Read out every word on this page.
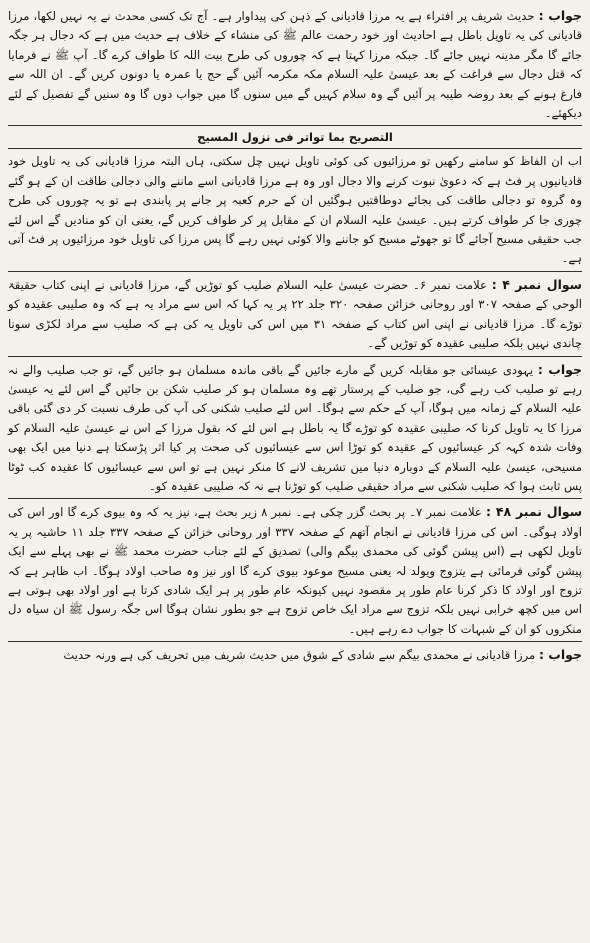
جواب : حدیث شریف پر افتراء ہے یہ مرزا قادیانی کے ذہن کی پیداوار ہے۔ آج تک کسی محدث نے یہ نہیں لکھا، مرزا قادیانی کی یہ تاویل باطل ہے احادیث اور خود رحمت عالم ﷺ کی منشاء کے خلاف ہے حدیث میں ہے کہ دجال ہر جگہ جائے گا مگر مدینہ نہیں جائے گا۔ جبکہ مرزا کہتا ہے کہ چوروں کی طرح بیت اللہ کا طواف کرے گا۔ آپ ﷺ نے فرمایا کہ قتل دجال سے فراغت کے بعد عیسیٰ علیہ السلام مکہ مکرمہ آئیں گے حج یا عمرہ یا دونوں کریں گے۔ ان اللہ سے فارغ ہونے کے بعد روضہ طیبہ پر آئیں گے وہ سلام کہیں گے میں سنوں گا میں جواب دوں گا وہ سنیں گے تفصیل کے لئے دیکھئے۔
التصریح بما تواتر فی نزول المسیح
اب ان الفاظ کو سامنے رکھیں تو مرزائیوں کی کوئی تاویل نہیں چل سکتی، ہاں البتہ مرزا قادیانی کی یہ تاویل خود قادیانیوں پر فٹ ہے کہ دعویٰ نبوت کرنے والا دجال اور وہ ہے مرزا قادیانی اسے ماننے والی دجالی طاقت ان کے ہو گئے وہ گروہ تو دجالی طاقت کی بجائے دوطاقتیں ہوگئیں ان کے حرم کعبہ پر جانے پر پابندی ہے تو یہ چوروں کی طرح چوری جا کر طواف کرتے ہیں۔ عیسیٰ علیہ السلام ان کے مقابل پر کر طواف کریں گے، یعنی ان کو منادیں گے اس لئے جب حقیقی مسیح آجائے گا تو جھوٹے مسیح کو جاننے والا کوئی نہیں رہے گا پس مرزا کی تاویل خود مرزائیوں پر فٹ آتی ہے۔
سوال نمبر ۴ : علامت نمبر ۶۔ حضرت عیسیٰ علیہ السلام صلیب کو توڑیں گے، مرزا قادیانی نے اپنی کتاب حقیقۃ الوحی کے صفحہ ۳۰۷ اور روحانی خزائن صفحہ ۳۲۰ جلد ۲۲ پر یہ کہا کہ اس سے مراد یہ ہے کہ وہ صلیبی عقیدہ کو توڑے گا۔ مرزا قادیانی نے اپنی اس کتاب کے صفحہ ۳۱ میں اس کی تاویل یہ کی ہے کہ صلیب سے مراد لکڑی سونا چاندی نہیں بلکہ صلیبی عقیدہ کو توڑیں گے۔
جواب : یہودی عیسائی جو مقابلہ کریں گے مارے جائیں گے باقی ماندہ مسلمان ہو جائیں گے، تو جب صلیب والے نہ رہے تو صلیب کب رہے گی، جو صلیب کے پرستار تھے وہ مسلمان ہو کر صلیب شکن بن جائیں گے اس لئے یہ عیسیٰ علیہ السلام کے زمانہ میں ہوگا، آپ کے حکم سے ہوگا۔ اس لئے صلیب شکنی کی آپ کی طرف نسبت کر دی گئی باقی مرزا کا یہ تاویل کرنا کہ صلیبی عقیدہ کو توڑے گا یہ باطل ہے اس لئے کہ بقول مرزا کے اس نے عیسیٰ علیہ السلام کو وفات شدہ کہہ کر عیسائیوں کے عقیدہ کو توڑا اس سے عیسائیوں کی صحت پر کیا اثر پڑسکتا ہے دنیا میں ایک بھی مسیحی، عیسیٰ علیہ السلام کے دوبارہ دنیا میں تشریف لانے کا منکر نہیں ہے تو اس سے عیسائیوں کا عقیدہ کب ٹوٹا پس ثابت ہوا کہ صلیب شکنی سے مراد حقیقی صلیب کو توڑنا ہے نہ کہ صلیبی عقیدہ کو۔
سوال نمبر ۴۸ : علامت نمبر ۷۔ پر بحث گزر چکی ہے۔ نمبر ۸ زیر بحث ہے، نیز یہ کہ وہ بیوی کرے گا اور اس کی اولاد ہوگی۔ اس کی مرزا قادیانی نے انجام آتھم کے صفحہ ۳۳۷ اور روحانی خزائن کے صفحہ ۳۳۷ جلد ۱۱ حاشیہ پر یہ تاویل لکھی ہے (اس پیشن گوئی کی محمدی بیگم والی) تصدیق کے لئے جناب حضرت محمد ﷺ نے بھی پہلے سے ایک پیشن گوئی فرمائی ہے یتزوج ویولد لہ یعنی مسیح موعود بیوی کرے گا اور نیز وہ صاحب اولاد ہوگا۔ اب ظاہر ہے کہ تزوج اور اولاد کا ذکر کرنا عام طور پر مقصود نہیں کیونکہ عام طور پر ہر ایک شادی کرتا ہے اور اولاد بھی ہوتی ہے اس میں کچھ خرابی نہیں بلکہ تزوج سے مراد ایک خاص تزوج ہے جو بطور نشان ہوگا اس جگہ رسول ﷺ ان سیاہ دل منکروں کو ان کے شبہات کا جواب دے رہے ہیں۔
جواب : مرزا قادیانی نے محمدی بیگم سے شادی کے شوق میں حدیث شریف میں تحریف کی ہے ورنہ حدیث
